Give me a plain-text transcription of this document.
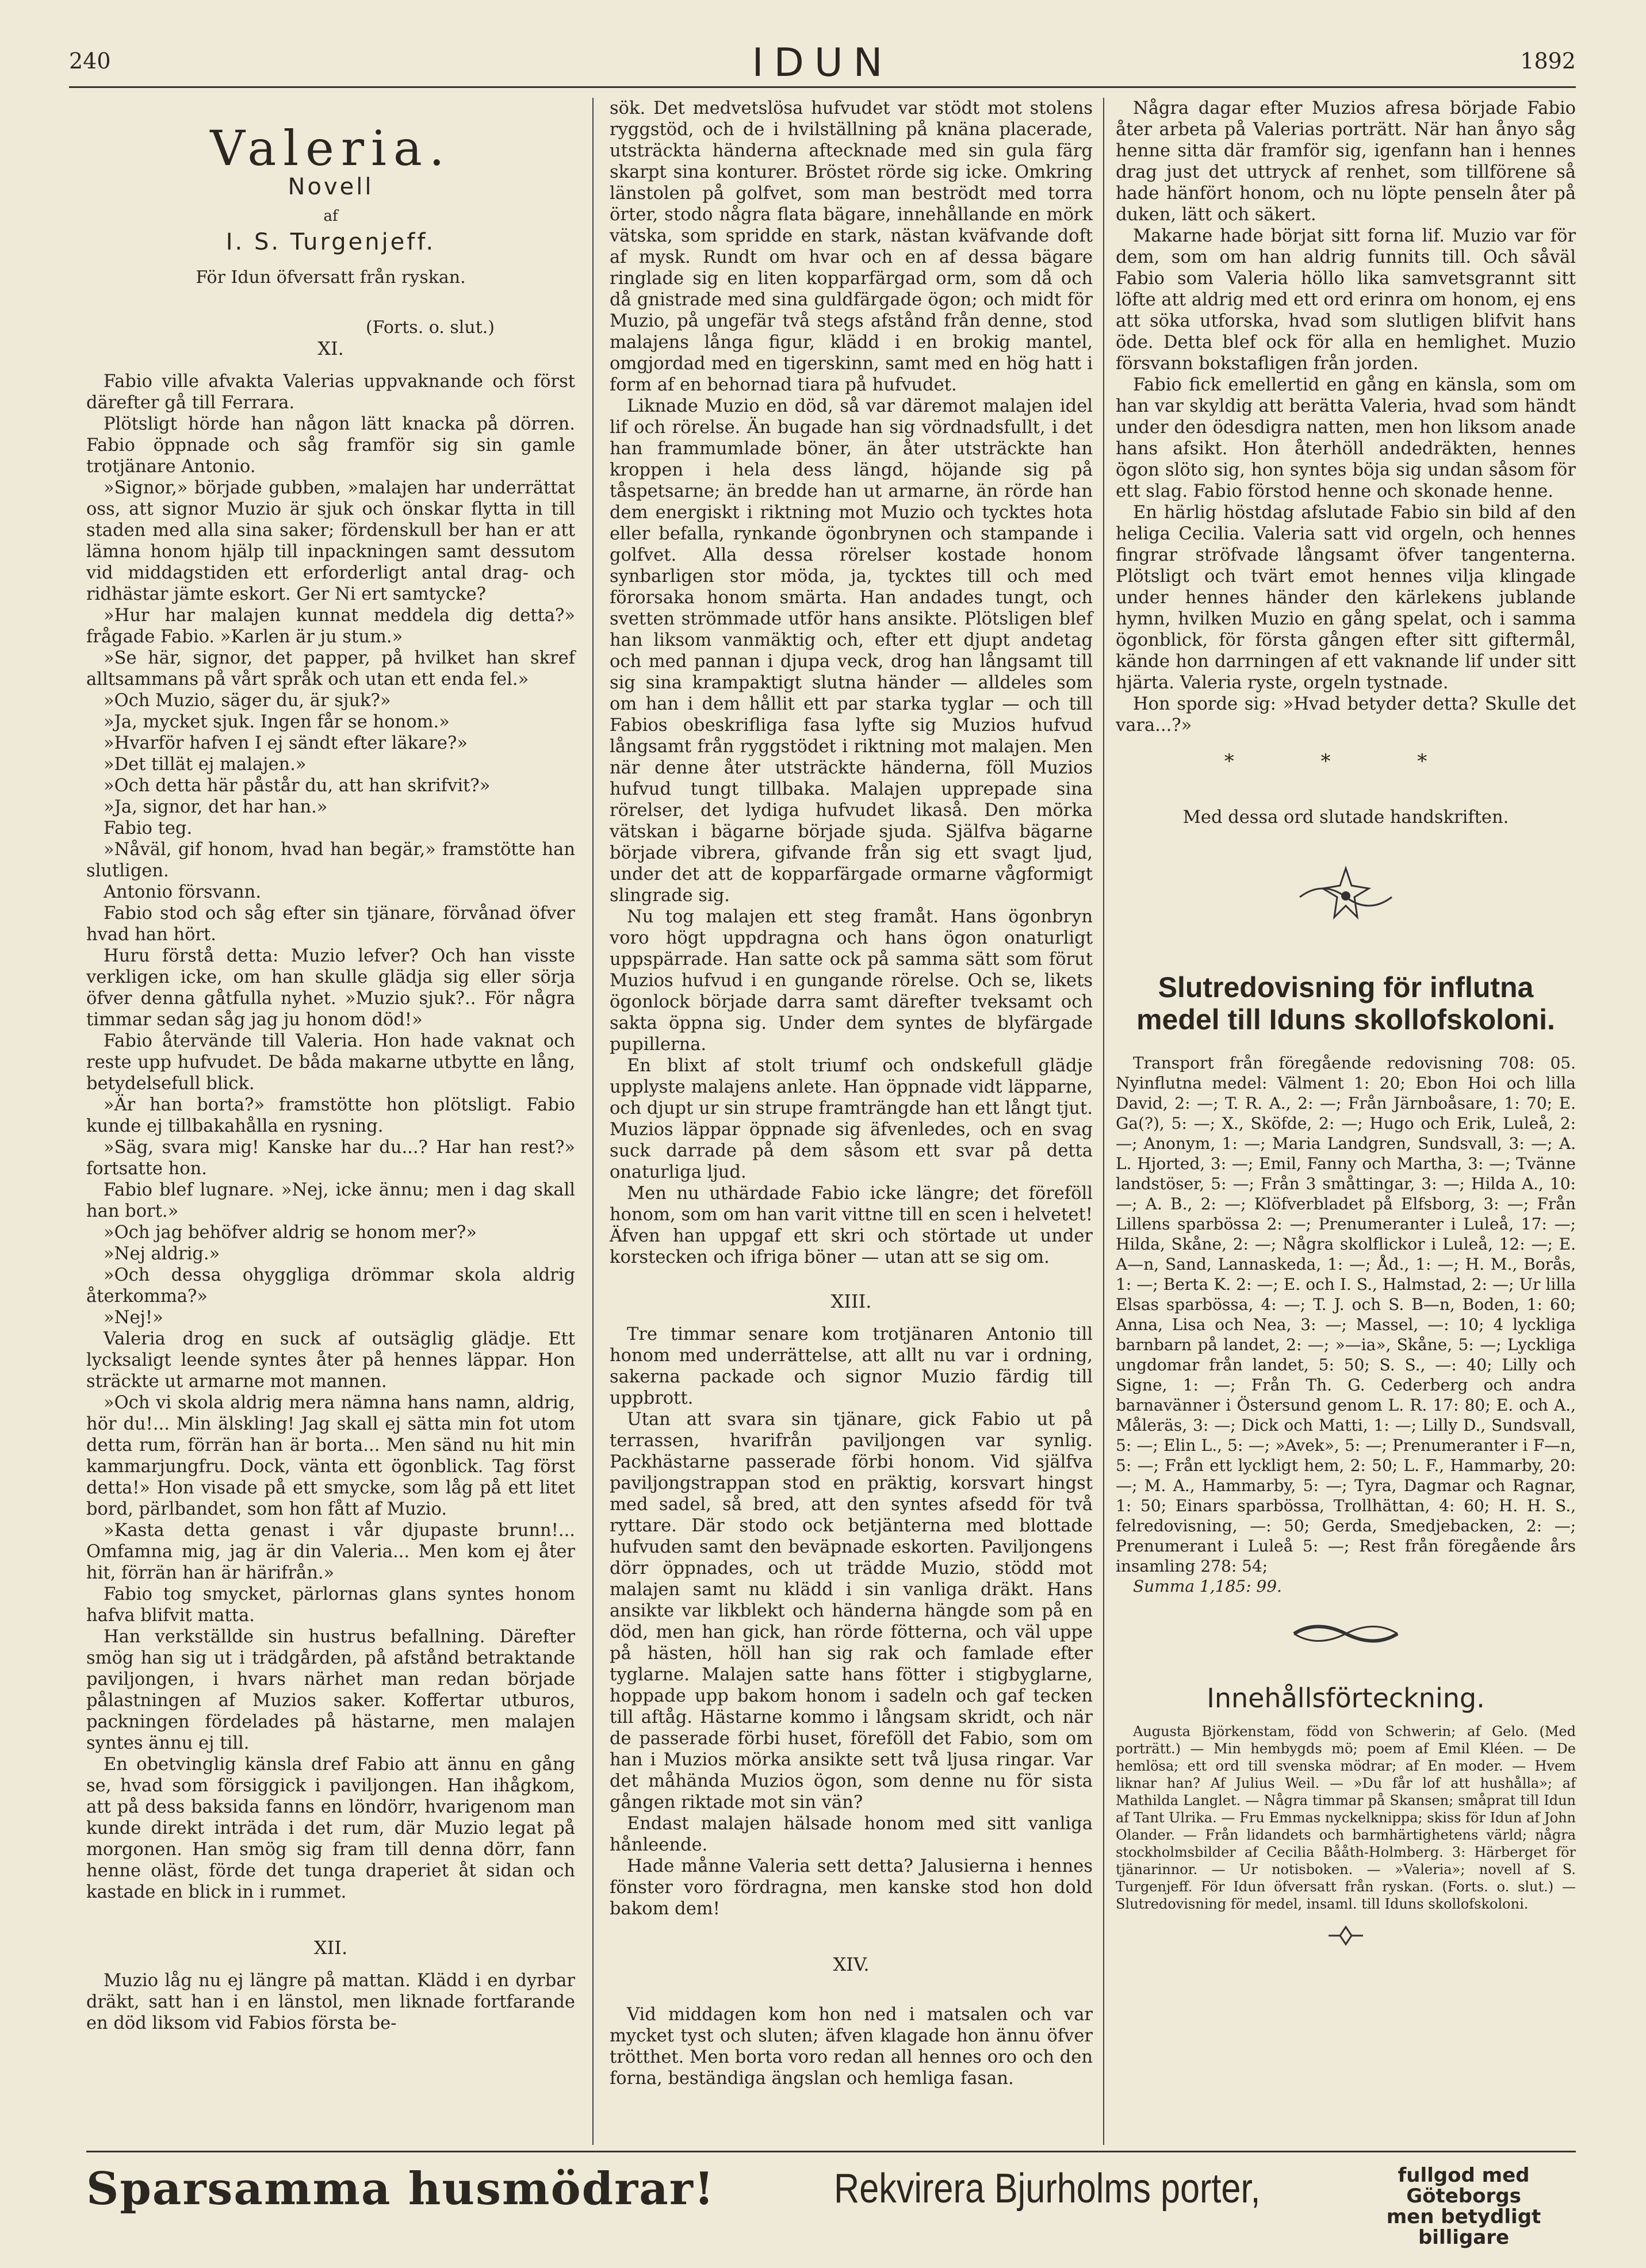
240	IDUN	1892
Valeria.
Novell
af
I. S. Turgenjeff.
För Idun öfversatt från ryskan.
(Forts. o. slut.)
XI.

Fabio ville afvakta Valerias uppvaknande och först därefter gå till Ferrara.

Plötsligt hörde han någon lätt knacka på dörren. Fabio öppnade och såg framför sig sin gamle trotjänare Antonio.

»Signor,» började gubben, »malajen har underrättat oss, att signor Muzio är sjuk och önskar flytta in till staden med alla sina saker; fördenskull ber han er att lämna honom hjälp till inpackningen samt dessutom vid middagstiden ett erforderligt antal drag- och ridhästar jämte eskort. Ger Ni ert samtycke?

»Hur har malajen kunnat meddela dig detta?» frågade Fabio. »Karlen är ju stum.»

»Se här, signor, det papper, på hvilket han skref alltsammans på vårt språk och utan ett enda fel.»

»Och Muzio, säger du, är sjuk?»

»Ja, mycket sjuk. Ingen får se honom.»

»Hvarför hafven I ej sändt efter läkare?»

»Det tillät ej malajen.»

»Och detta här påstår du, att han skrifvit?»

»Ja, signor, det har han.»

Fabio teg.

»Nåväl, gif honom, hvad han begär,» framstötte han slutligen.

Antonio försvann.

Fabio stod och såg efter sin tjänare, förvånad öfver hvad han hört.

Huru förstå detta: Muzio lefver? Och han visste verkligen icke, om han skulle glädja sig eller sörja öfver denna gåtfulla nyhet. »Muzio sjuk?.. För några timmar sedan såg jag ju honom död!»

Fabio återvände till Valeria. Hon hade vaknat och reste upp hufvudet. De båda makarne utbytte en lång, betydelsefull blick.

»Är han borta?» framstötte hon plötsligt. Fabio kunde ej tillbakahålla en rysning.

»Säg, svara mig! Kanske har du...? Har han rest?» fortsatte hon.

Fabio blef lugnare. »Nej, icke ännu; men i dag skall han bort.»

»Och jag behöfver aldrig se honom mer?»

»Nej aldrig.»

»Och dessa ohyggliga drömmar skola aldrig återkomma?»

»Nej!»

Valeria drog en suck af outsäglig glädje. Ett lycksaligt leende syntes åter på hennes läppar. Hon sträckte ut armarne mot mannen.

»Och vi skola aldrig mera nämna hans namn, aldrig, hör du!... Min älskling! Jag skall ej sätta min fot utom detta rum, förrän han är borta... Men sänd nu hit min kammarjungfru. Dock, vänta ett ögonblick. Tag först detta!» Hon visade på ett smycke, som låg på ett litet bord, pärlbandet, som hon fått af Muzio.

»Kasta detta genast i vår djupaste brunn!... Omfamna mig, jag är din Valeria... Men kom ej åter hit, förrän han är härifrån.»

Fabio tog smycket, pärlornas glans syntes honom hafva blifvit matta.

Han verkställde sin hustrus befallning. Därefter smög han sig ut i trädgården, på afstånd betraktande paviljongen, i hvars närhet man redan började pålastningen af Muzios saker. Koffertar utburos, packningen fördelades på hästarne, men malajen syntes ännu ej till.

En obetvinglig känsla dref Fabio att ännu en gång se, hvad som försiggick i paviljongen. Han ihågkom, att på dess baksida fanns en löndörr, hvarigenom man kunde direkt inträda i det rum, där Muzio legat på morgonen. Han smög sig fram till denna dörr, fann henne oläst, förde det tunga draperiet åt sidan och kastade en blick in i rummet.

XII.

Muzio låg nu ej längre på mattan. Klädd i en dyrbar dräkt, satt han i en länstol, men liknade fortfarande en död liksom vid Fabios första be-

sök. Det medvetslösa hufvudet var stödt mot stolens ryggstöd, och de i hvilställning på knäna placerade, utsträckta händerna aftecknade med sin gula färg skarpt sina konturer. Bröstet rörde sig icke. Omkring länstolen på golfvet, som man beströdt med torra örter, stodo några flata bägare, innehållande en mörk vätska, som spridde en stark, nästan kväfvande doft af mysk. Rundt om hvar och en af dessa bägare ringlade sig en liten kopparfärgad orm, som då och då gnistrade med sina guldfärgade ögon; och midt för Muzio, på ungefär två stegs afstånd från denne, stod malajens långa figur, klädd i en brokig mantel, omgjordad med en tigerskinn, samt med en hög hatt i form af en behornad tiara på hufvudet.

Liknade Muzio en död, så var däremot malajen idel lif och rörelse. Än bugade han sig vördnadsfullt, i det han frammumlade böner, än åter utsträckte han kroppen i hela dess längd, höjande sig på tåspetsarne; än bredde han ut armarne, än rörde han dem energiskt i riktning mot Muzio och tycktes hota eller befalla, rynkande ögonbrynen och stampande i golfvet. Alla dessa rörelser kostade honom synbarligen stor möda, ja, tycktes till och med förorsaka honom smärta. Han andades tungt, och svetten strömmade utför hans ansikte. Plötsligen blef han liksom vanmäktig och, efter ett djupt andetag och med pannan i djupa veck, drog han långsamt till sig sina krampaktigt slutna händer — alldeles som om han i dem hållit ett par starka tyglar — och till Fabios obeskrifliga fasa lyfte sig Muzios hufvud långsamt från ryggstödet i riktning mot malajen. Men när denne åter utsträckte händerna, föll Muzios hufvud tungt tillbaka. Malajen upprepade sina rörelser, det lydiga hufvudet likaså. Den mörka vätskan i bägarne började sjuda. Själfva bägarne började vibrera, gifvande från sig ett svagt ljud, under det att de kopparfärgade ormarne vågformigt slingrade sig.

Nu tog malajen ett steg framåt. Hans ögonbryn voro högt uppdragna och hans ögon onaturligt uppspärrade. Han satte ock på samma sätt som förut Muzios hufvud i en gungande rörelse. Och se, likets ögonlock började darra samt därefter tveksamt och sakta öppna sig. Under dem syntes de blyfärgade pupillerna.

En blixt af stolt triumf och ondskefull glädje upplyste malajens anlete. Han öppnade vidt läpparne, och djupt ur sin strupe framträngde han ett långt tjut. Muzios läppar öppnade sig äfvenledes, och en svag suck darrade på dem såsom ett svar på detta onaturliga ljud.

Men nu uthärdade Fabio icke längre; det föreföll honom, som om han varit vittne till en scen i helvetet! Äfven han uppgaf ett skri och störtade ut under korstecken och ifriga böner — utan att se sig om.

XIII.

Tre timmar senare kom trotjänaren Antonio till honom med underrättelse, att allt nu var i ordning, sakerna packade och signor Muzio färdig till uppbrott.

Utan att svara sin tjänare, gick Fabio ut på terrassen, hvarifrån paviljongen var synlig. Packhästarne passerade förbi honom. Vid själfva paviljongstrappan stod en präktig, korsvart hingst med sadel, så bred, att den syntes afsedd för två ryttare. Där stodo ock betjänterna med blottade hufvuden samt den beväpnade eskorten. Paviljongens dörr öppnades, och ut trädde Muzio, stödd mot malajen samt nu klädd i sin vanliga dräkt. Hans ansikte var likblekt och händerna hängde som på en död, men han gick, han rörde fötterna, och väl uppe på hästen, höll han sig rak och famlade efter tyglarne. Malajen satte hans fötter i stigbyglarne, hoppade upp bakom honom i sadeln och gaf tecken till aftåg. Hästarne kommo i långsam skridt, och när de passerade förbi huset, föreföll det Fabio, som om han i Muzios mörka ansikte sett två ljusa ringar. Var det måhända Muzios ögon, som denne nu för sista gången riktade mot sin vän?

Endast malajen hälsade honom med sitt vanliga hånleende.

Hade månne Valeria sett detta? Jalusierna i hennes fönster voro fördragna, men kanske stod hon dold bakom dem!

XIV.

Vid middagen kom hon ned i matsalen och var mycket tyst och sluten; äfven klagade hon ännu öfver trötthet. Men borta voro redan all hennes oro och den forna, beständiga ängslan och hemliga fasan.

Några dagar efter Muzios afresa började Fabio åter arbeta på Valerias porträtt. När han ånyo såg henne sitta där framför sig, igenfann han i hennes drag just det uttryck af renhet, som tillförene så hade hänfört honom, och nu löpte penseln åter på duken, lätt och säkert.

Makarne hade börjat sitt forna lif. Muzio var för dem, som om han aldrig funnits till. Och såväl Fabio som Valeria höllo lika samvetsgrannt sitt löfte att aldrig med ett ord erinra om honom, ej ens att söka utforska, hvad som slutligen blifvit hans öde. Detta blef ock för alla en hemlighet. Muzio försvann bokstafligen från jorden.

Fabio fick emellertid en gång en känsla, som om han var skyldig att berätta Valeria, hvad som händt under den ödesdigra natten, men hon liksom anade hans afsikt. Hon återhöll andedräkten, hennes ögon slöto sig, hon syntes böja sig undan såsom för ett slag. Fabio förstod henne och skonade henne.

En härlig höstdag afslutade Fabio sin bild af den heliga Cecilia. Valeria satt vid orgeln, och hennes fingrar ströfvade långsamt öfver tangenterna. Plötsligt och tvärt emot hennes vilja klingade under hennes händer den kärlekens jublande hymn, hvilken Muzio en gång spelat, och i samma ögonblick, för första gången efter sitt giftermål, kände hon darrningen af ett vaknande lif under sitt hjärta. Valeria ryste, orgeln tystnade.

Hon sporde sig: »Hvad betyder detta? Skulle det vara...?»

* * *
Med dessa ord slutade handskriften.
Slutredovisning för influtna medel till Iduns skollofskoloni.

Transport från föregående redovisning 708: 05. Nyinflutna medel: Välment 1: 20; Ebon Hoi och lilla David, 2: —; T. R. A., 2: —; Från Järnboåsare, 1: 70; E. Ga(?), 5: —; X., Sköfde, 2: —; Hugo och Erik, Luleå, 2: —; Anonym, 1: —; Maria Landgren, Sundsvall, 3: —; A. L. Hjorted, 3: —; Emil, Fanny och Martha, 3: —; Tvänne landstöser, 5: —; Från 3 småttingar, 3: —; Hilda A., 10: —; A. B., 2: —; Klöfverbladet på Elfsborg, 3: —; Från Lillens sparbössa 2: —; Prenumeranter i Luleå, 17: —; Hilda, Skåne, 2: —; Några skolflickor i Luleå, 12: —; E. A—n, Sand, Lannaskeda, 1: —; Åd., 1: —; H. M., Borås, 1: —; Berta K. 2: —; E. och I. S., Halmstad, 2: —; Ur lilla Elsas sparbössa, 4: —; T. J. och S. B—n, Boden, 1: 60; Anna, Lisa och Nea, 3: —; Massel, —: 10; 4 lyckliga barnbarn på landet, 2: —; »—ia», Skåne, 5: —; Lyckliga ungdomar från landet, 5: 50; S. S., —: 40; Lilly och Signe, 1: —; Från Th. G. Cederberg och andra barnavänner i Östersund genom L. R. 17: 80; E. och A., Måleräs, 3: —; Dick och Matti, 1: —; Lilly D., Sundsvall, 5: —; Elin L., 5: —; »Avek», 5: —; Prenumeranter i F—n, 5: —; Från ett lyckligt hem, 2: 50; L. F., Hammarby, 20: —; M. A., Hammarby, 5: —; Tyra, Dagmar och Ragnar, 1: 50; Einars sparbössa, Trollhättan, 4: 60; H. H. S., felredovisning, —: 50; Gerda, Smedjebacken, 2: —; Prenumerant i Luleå 5: —; Rest från föregående års insamling 278: 54;

Summa 1,185: 99.

Innehållsförteckning.

Augusta Björkenstam, född von Schwerin; af Gelo. (Med porträtt.) — Min hembygds mö; poem af Emil Kléen. — De hemlösa; ett ord till svenska mödrar; af En moder. — Hvem liknar han? Af Julius Weil. — »Du får lof att hushålla»; af Mathilda Langlet. — Några timmar på Skansen; småprat till Idun af Tant Ulrika. — Fru Emmas nyckelknippa; skiss för Idun af John Olander. — Från lidandets och barmhärtighetens värld; några stockholmsbilder af Cecilia Bååth-Holmberg. 3: Härberget för tjänarinnor. — Ur notisboken. — »Valeria»; novell af S. Turgenjeff. För Idun öfversatt från ryskan. (Forts. o. slut.) — Slutredovisning för medel, insaml. till Iduns skollofskoloni.

Sparsamma husmödrar!	Rekvirera Bjurholms porter,	fullgod med Göteborgs
men betydligt billigare
